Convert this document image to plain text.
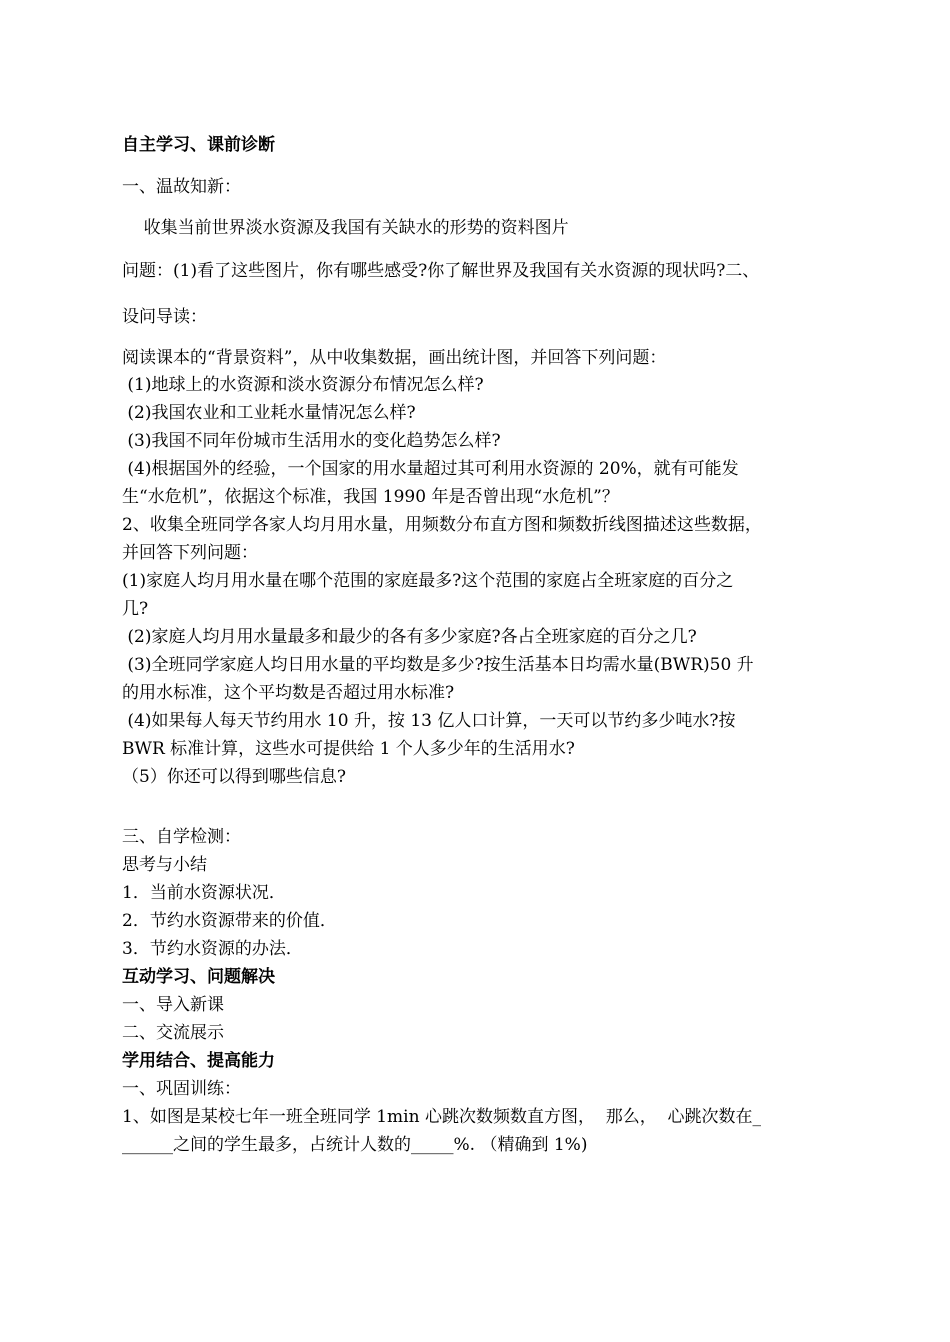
自主学习、课前诊断
一、温故知新：
收集当前世界淡水资源及我国有关缺水的形势的资料图片
问题：(1)看了这些图片，你有哪些感受?你了解世界及我国有关水资源的现状吗?二、
设问导读：
阅读课本的“背景资料”，从中收集数据，画出统计图，并回答下列问题：
(1)地球上的水资源和淡水资源分布情况怎么样?
(2)我国农业和工业耗水量情况怎么样?
(3)我国不同年份城市生活用水的变化趋势怎么样?
(4)根据国外的经验，一个国家的用水量超过其可利用水资源的 20%，就有可能发
生“水危机”，依据这个标准，我国 1990 年是否曾出现“水危机”？
2、收集全班同学各家人均月用水量，用频数分布直方图和频数折线图描述这些数据，
并回答下列问题：
(1)家庭人均月用水量在哪个范围的家庭最多?这个范围的家庭占全班家庭的百分之
几?
(2)家庭人均月用水量最多和最少的各有多少家庭?各占全班家庭的百分之几?
(3)全班同学家庭人均日用水量的平均数是多少?按生活基本日均需水量(BWR)50 升
的用水标准，这个平均数是否超过用水标准?
(4)如果每人每天节约用水 10 升，按 13 亿人口计算，一天可以节约多少吨水?按
BWR 标准计算，这些水可提供给 1 个人多少年的生活用水?
（5）你还可以得到哪些信息?
三、自学检测：
思考与小结
1．当前水资源状况．
2．节约水资源带来的价值．
3．节约水资源的办法．
互动学习、问题解决
一、导入新课
二、交流展示
学用结合、提高能力
一、巩固训练：
1、如图是某校七年一班全班同学 1min 心跳次数频数直方图，  那么，  心跳次数在_
______之间的学生最多，占统计人数的_____%. （精确到 1%)
